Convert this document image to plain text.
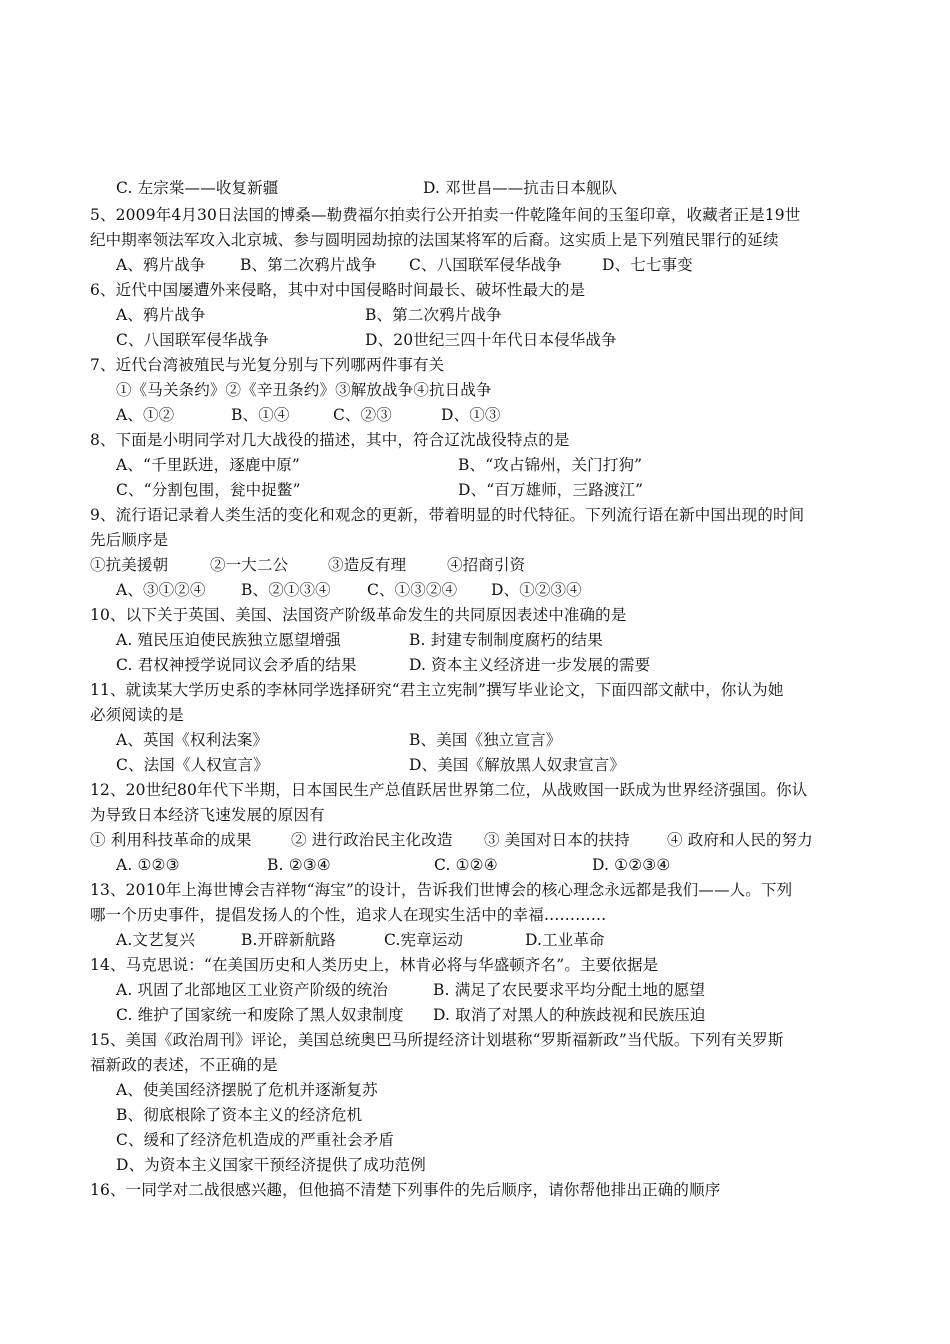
C. 左宗棠——收复新疆

	D. 邓世昌——抗击日本舰队

5、2009年4月30日法国的博桑—勒费福尔拍卖行公开拍卖一件乾隆年间的玉玺印章，收藏者正是19世

纪中期率领法军攻入北京城、参与圆明园劫掠的法国某将军的后裔。这实质上是下列殖民罪行的延续

A、鸦片战争

B、第二次鸦片战争

C、八国联军侵华战争

	D、七七事变

6、近代中国屡遭外来侵略，其中对中国侵略时间最长、破坏性最大的是

A、鸦片战争

	B、第二次鸦片战争

C、八国联军侵华战争

	D、20世纪三四十年代日本侵华战争

7、近代台湾被殖民与光复分别与下列哪两件事有关

①《马关条约》②《辛丑条约》③解放战争④抗日战争

A、①②

	B、①④

	C、②③

	D、①③

8、下面是小明同学对几大战役的描述，其中，符合辽沈战役特点的是

A、“千里跃进，逐鹿中原”

	B、“攻占锦州，关门打狗”

C、“分割包围，瓮中捉鳖”

	D、“百万雄师，三路渡江”

9、流行语记录着人类生活的变化和观念的更新，带着明显的时代特征。下列流行语在新中国出现的时间

先后顺序是

①抗美援朝

	②一大二公

	③造反有理

	④招商引资

A、③①②④

B、②①③④

C、①③②④

D、①②③④

10、以下关于英国、美国、法国资产阶级革命发生的共同原因表述中准确的是

A. 殖民压迫使民族独立愿望增强

	B. 封建专制制度腐朽的结果

C. 君权神授学说同议会矛盾的结果

	D. 资本主义经济进一步发展的需要

11、就读某大学历史系的李林同学选择研究“君主立宪制”撰写毕业论文，下面四部文献中，你认为她

必须阅读的是

A、英国《权利法案》

	B、美国《独立宣言》

C、法国《人权宣言》

	D、美国《解放黑人奴隶宣言》

12、20世纪80年代下半期，日本国民生产总值跃居世界第二位，从战败国一跃成为世界经济强国。你认

为导致日本经济飞速发展的原因有

① 利用科技革命的成果

	② 进行政治民主化改造

③ 美国对日本的扶持

④ 政府和人民的努力

A. ①②③

	B. ②③④

	C. ①②④

	D. ①②③④

13、2010年上海世博会吉祥物“海宝”的设计，告诉我们世博会的核心理念永远都是我们——人。下列

哪一个历史事件，提倡发扬人的个性，追求人在现实生活中的幸福…………

A.文艺复兴

	B.开辟新航路

	C.宪章运动

	D.工业革命

14、马克思说：“在美国历史和人类历史上，林肯必将与华盛顿齐名”。主要依据是

A. 巩固了北部地区工业资产阶级的统治

	B. 满足了农民要求平均分配土地的愿望

C. 维护了国家统一和废除了黑人奴隶制度

D. 取消了对黑人的种族歧视和民族压迫

15、美国《政治周刊》评论，美国总统奥巴马所提经济计划堪称“罗斯福新政”当代版。下列有关罗斯

福新政的表述，不正确的是

A、使美国经济摆脱了危机并逐渐复苏

B、彻底根除了资本主义的经济危机

C、缓和了经济危机造成的严重社会矛盾

D、为资本主义国家干预经济提供了成功范例

16、一同学对二战很感兴趣，但他搞不清楚下列事件的先后顺序，请你帮他排出正确的顺序
